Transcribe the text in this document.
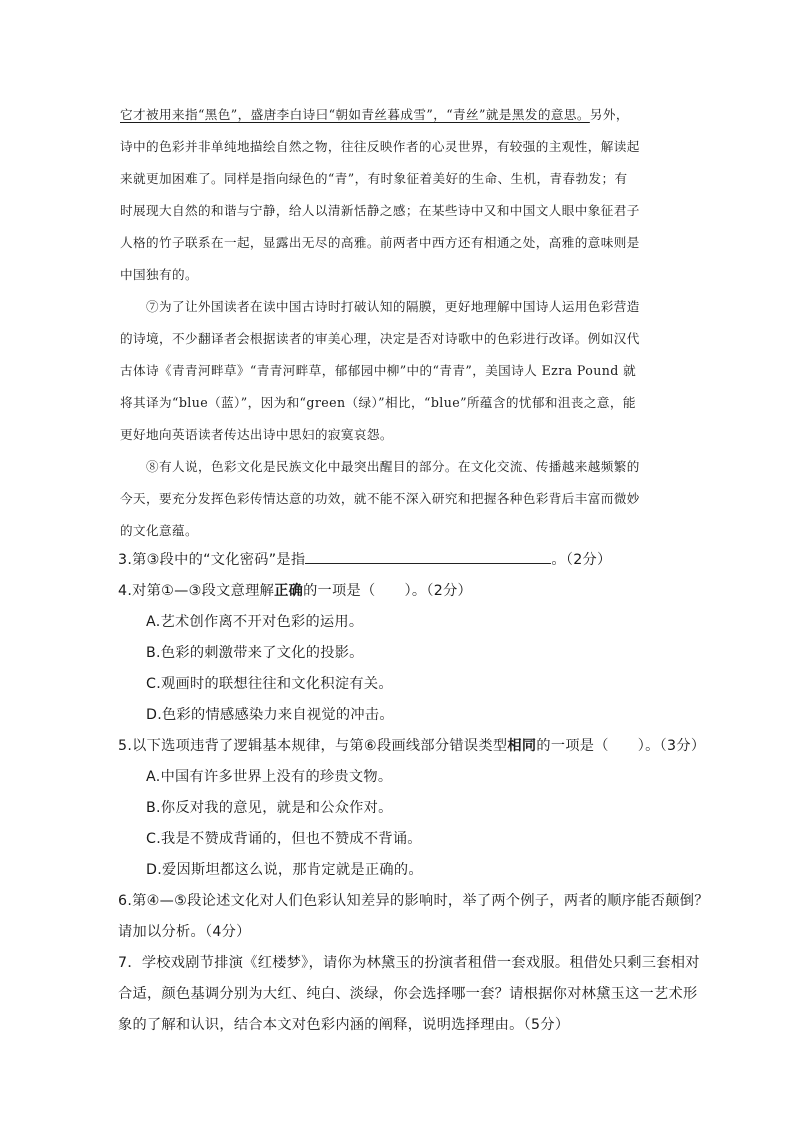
它才被用来指“黑色”，盛唐李白诗曰“朝如青丝暮成雪”，“青丝”就是黑发的意思。另外，
诗中的色彩并非单纯地描绘自然之物，往往反映作者的心灵世界，有较强的主观性，解读起
来就更加困难了。同样是指向绿色的“青”，有时象征着美好的生命、生机，青春勃发；有
时展现大自然的和谐与宁静，给人以清新恬静之感；在某些诗中又和中国文人眼中象征君子
人格的竹子联系在一起，显露出无尽的高雅。前两者中西方还有相通之处，高雅的意味则是
中国独有的。
⑦为了让外国读者在读中国古诗时打破认知的隔膜，更好地理解中国诗人运用色彩营造
的诗境，不少翻译者会根据读者的审美心理，决定是否对诗歌中的色彩进行改译。例如汉代
古体诗《青青河畔草》“青青河畔草，郁郁园中柳”中的“青青”，美国诗人 Ezra Pound 就
将其译为“blue（蓝）”，因为和“green（绿）”相比，“blue”所蕴含的忧郁和沮丧之意，能
更好地向英语读者传达出诗中思妇的寂寞哀怨。
⑧有人说，色彩文化是民族文化中最突出醒目的部分。在文化交流、传播越来越频繁的
今天，要充分发挥色彩传情达意的功效，就不能不深入研究和把握各种色彩背后丰富而微妙
的文化意蕴。
3.第③段中的“文化密码”是指	。（2分）
4.对第①—③段文意理解正确的一项是（　　）。（2分）
A.艺术创作离不开对色彩的运用。
B.色彩的刺激带来了文化的投影。
C.观画时的联想往往和文化积淀有关。
D.色彩的情感感染力来自视觉的冲击。
5.以下选项违背了逻辑基本规律，与第⑥段画线部分错误类型相同的一项是（　　）。（3分）
A.中国有许多世界上没有的珍贵文物。
B.你反对我的意见，就是和公众作对。
C.我是不赞成背诵的，但也不赞成不背诵。
D.爱因斯坦都这么说，那肯定就是正确的。
6.第④—⑤段论述文化对人们色彩认知差异的影响时，举了两个例子，两者的顺序能否颠倒？
请加以分析。（4分）
7．学校戏剧节排演《红楼梦》，请你为林黛玉的扮演者租借一套戏服。租借处只剩三套相对
合适，颜色基调分别为大红、纯白、淡绿，你会选择哪一套？请根据你对林黛玉这一艺术形
象的了解和认识，结合本文对色彩内涵的阐释，说明选择理由。（5分）
